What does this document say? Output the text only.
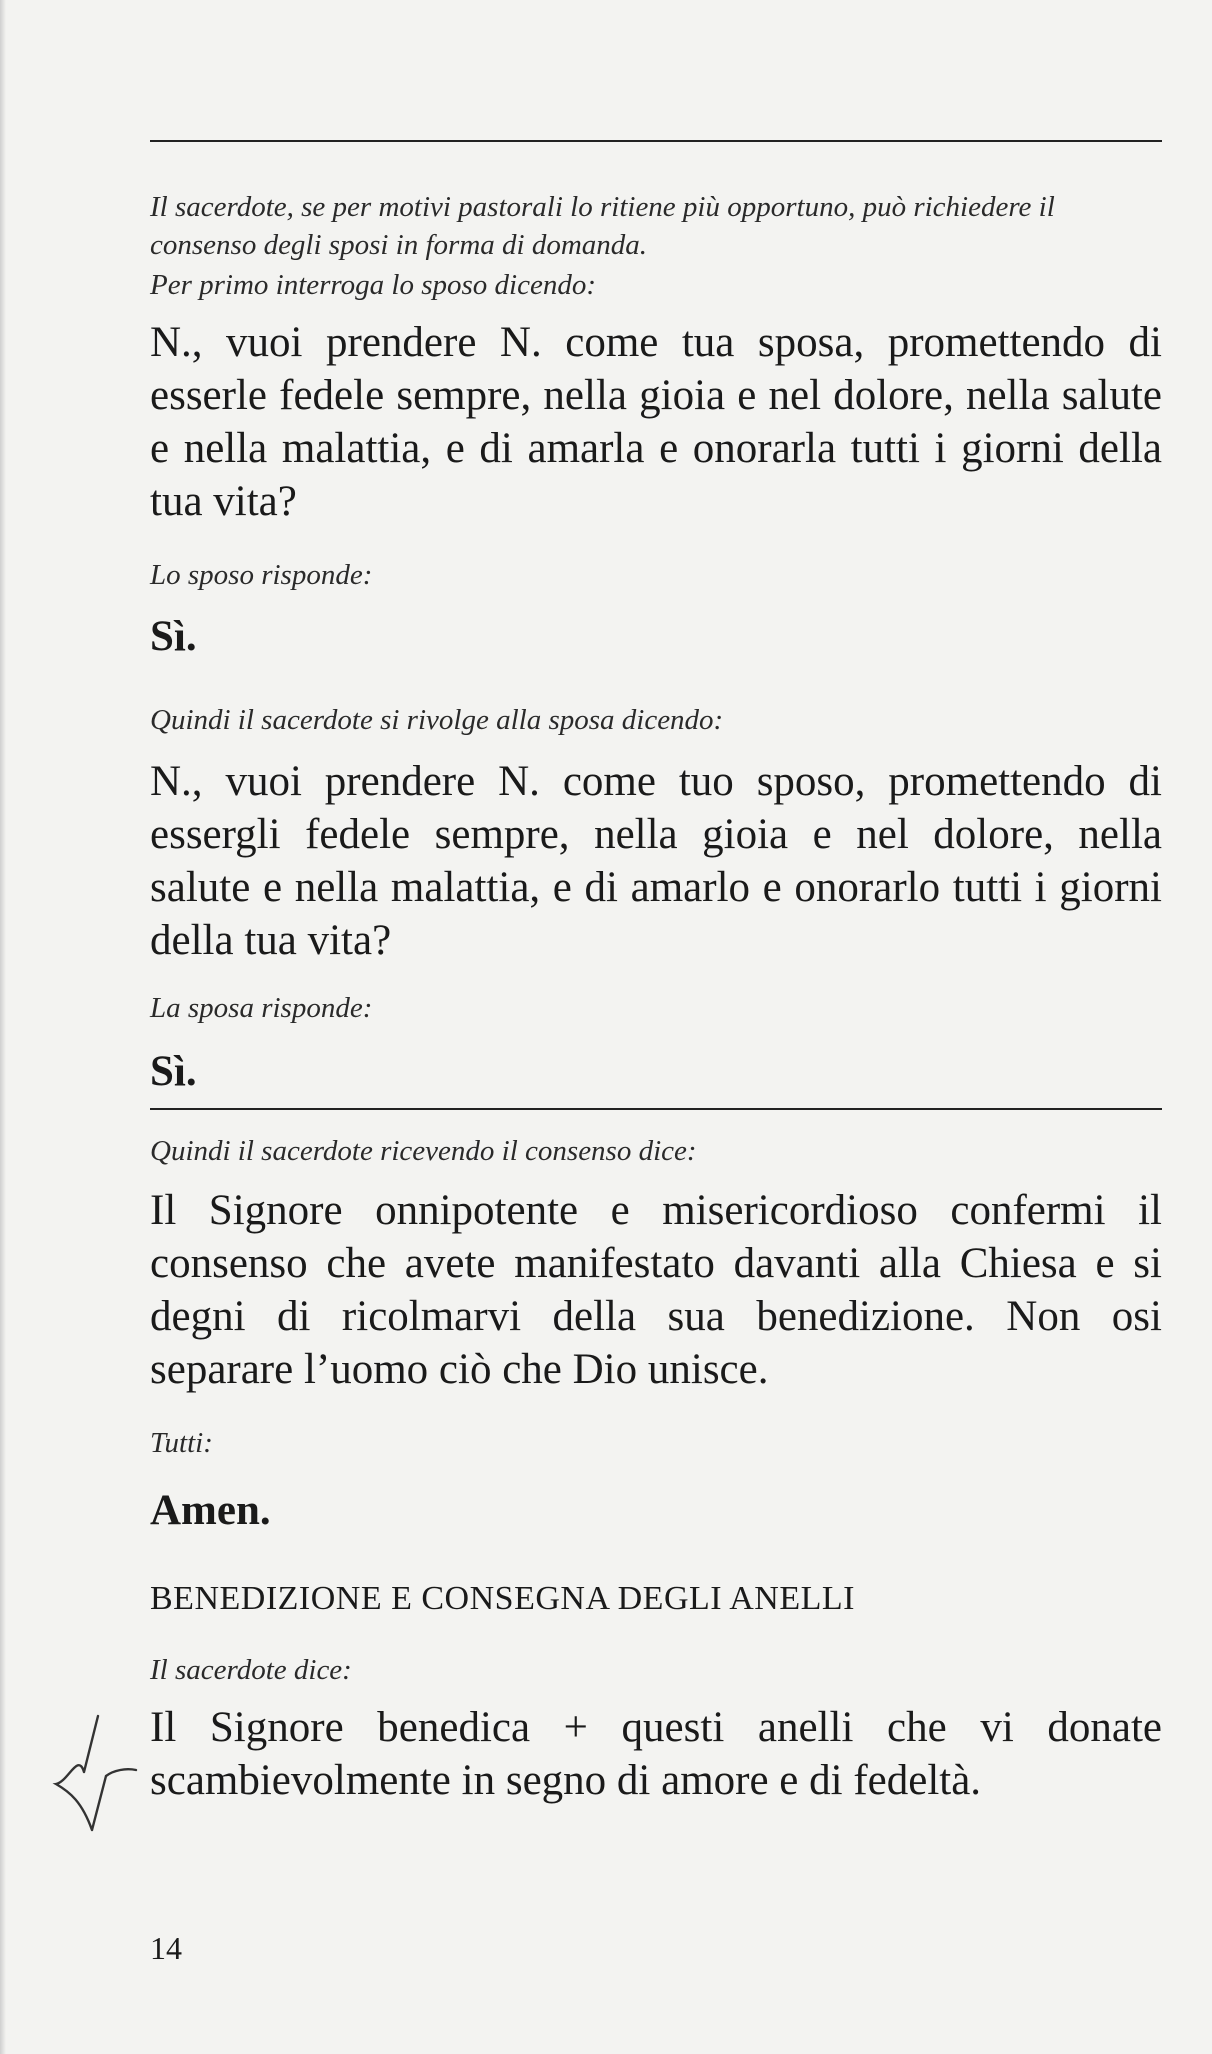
Il sacerdote, se per motivi pastorali lo ritiene più opportuno, può richiedere il consenso degli sposi in forma di domanda.

Per primo interroga lo sposo dicendo:

N., vuoi prendere N. come tua sposa, promettendo di esserle fedele sempre, nella gioia e nel dolore, nella salute e nella malattia, e di amarla e onorarla tutti i giorni della tua vita?

Lo sposo risponde:

Sì.

Quindi il sacerdote si rivolge alla sposa dicendo:

N., vuoi prendere N. come tuo sposo, promettendo di essergli fedele sempre, nella gioia e nel dolore, nella salute e nella malattia, e di amarlo e onorarlo tutti i giorni della tua vita?

La sposa risponde:

Sì.

Quindi il sacerdote ricevendo il consenso dice:

Il Signore onnipotente e misericordioso confermi il consenso che avete manifestato davanti alla Chiesa e si degni di ricolmarvi della sua benedizione. Non osi separare l’uomo ciò che Dio unisce.

Tutti:

Amen.

BENEDIZIONE E CONSEGNA DEGLI ANELLI

Il sacerdote dice:

Il Signore benedica + questi anelli che vi donate scambievolmente in segno di amore e di fedeltà.

14
